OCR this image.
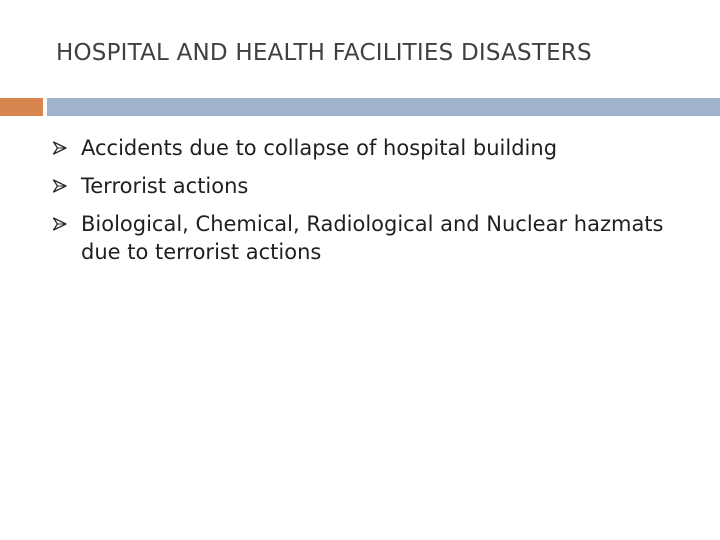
HOSPITAL AND HEALTH FACILITIES DISASTERS
Accidents due to collapse of hospital building
Terrorist actions
Biological, Chemical, Radiological and Nuclear hazmats due to terrorist actions
